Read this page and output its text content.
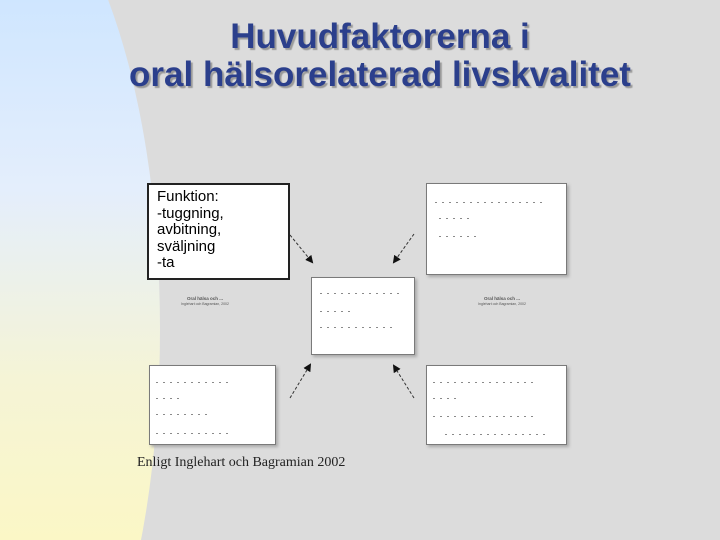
Huvudfaktorerna i
oral hälsorelaterad livskvalitet
Funktion:
-tuggning,
avbitning,
sväljning
-ta
Oral hälsa och ...
Inglehart och Bagramian, 2002
Oral hälsa och ...
Inglehart och Bagramian, 2002
Enligt Inglehart och Bagramian 2002
